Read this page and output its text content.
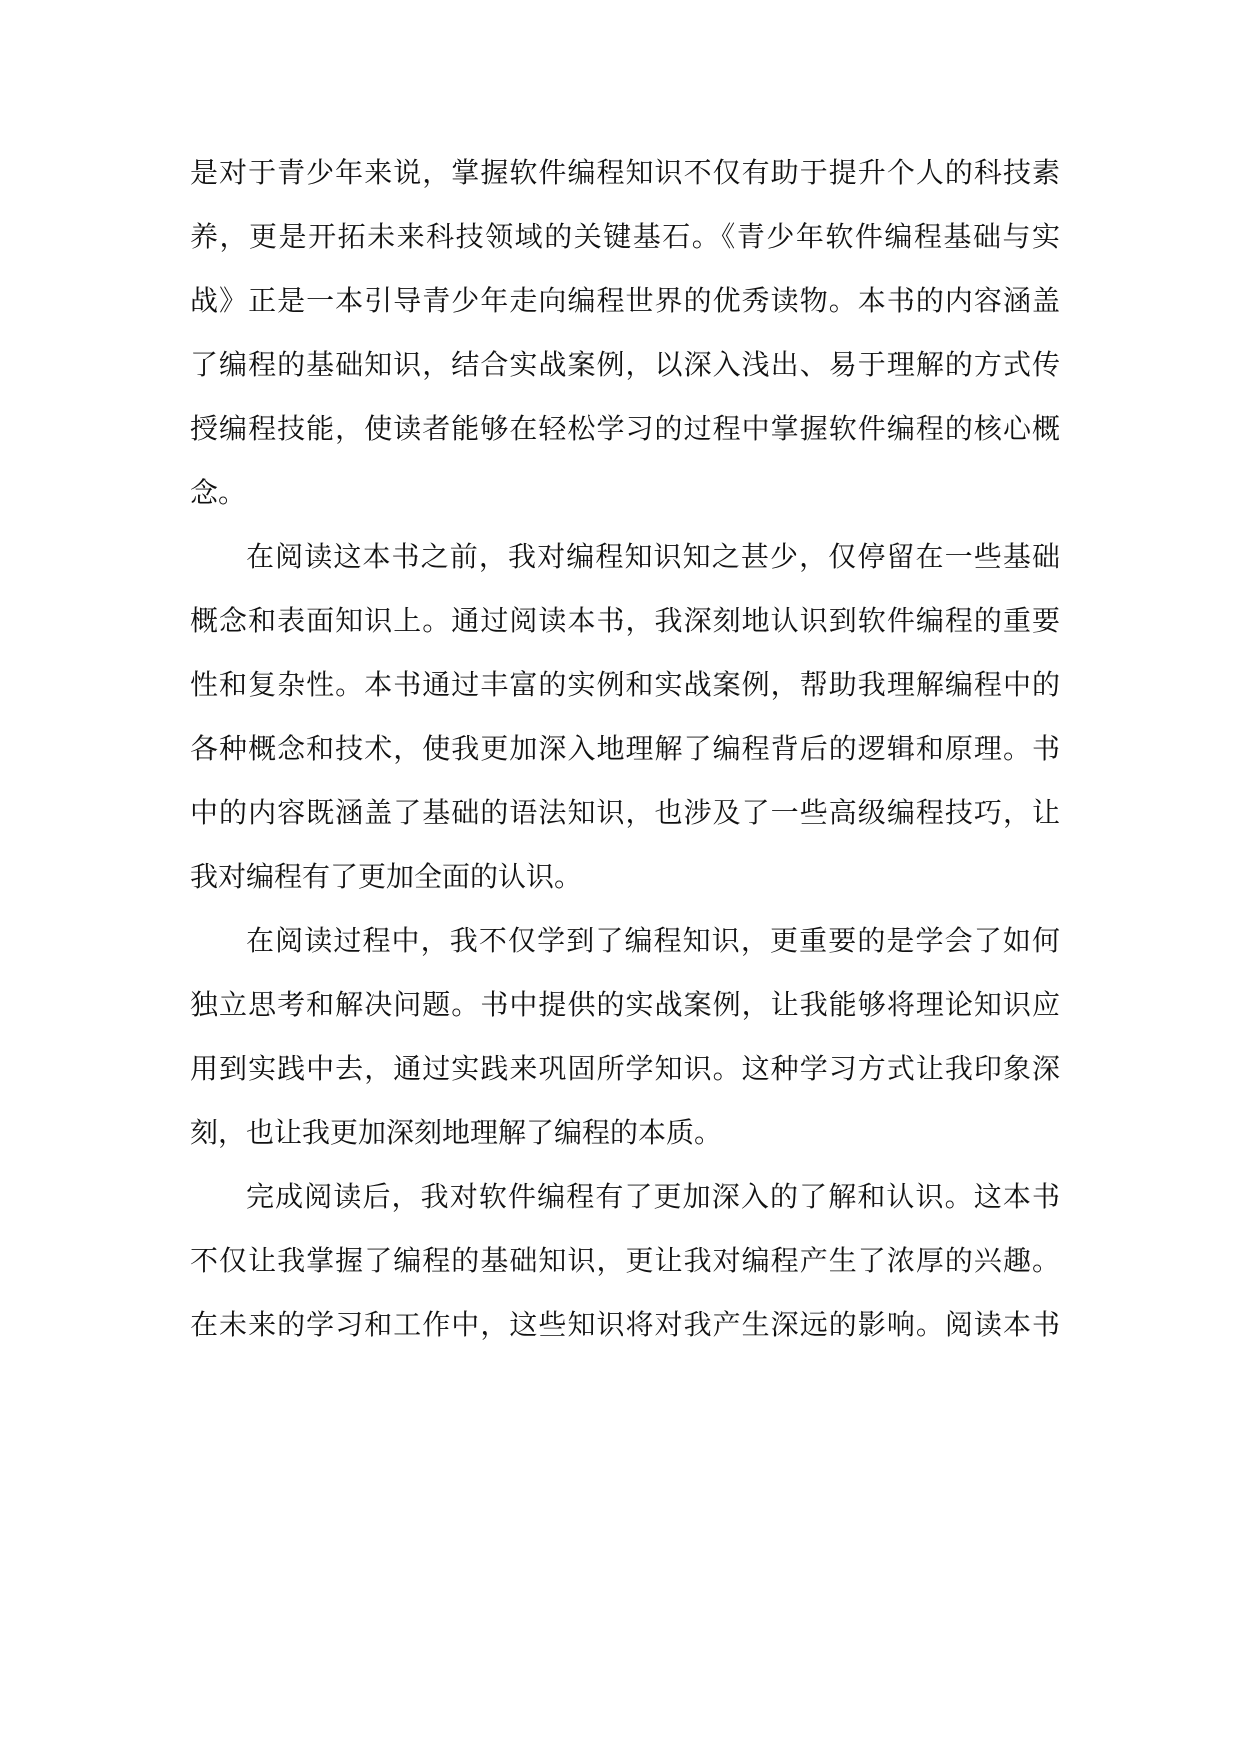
是对于青少年来说，掌握软件编程知识不仅有助于提升个人的科技素
养，更是开拓未来科技领域的关键基石。《青少年软件编程基础与实
战》正是一本引导青少年走向编程世界的优秀读物。本书的内容涵盖
了编程的基础知识，结合实战案例，以深入浅出、易于理解的方式传
授编程技能，使读者能够在轻松学习的过程中掌握软件编程的核心概
念。
在阅读这本书之前，我对编程知识知之甚少，仅停留在一些基础
概念和表面知识上。通过阅读本书，我深刻地认识到软件编程的重要
性和复杂性。本书通过丰富的实例和实战案例，帮助我理解编程中的
各种概念和技术，使我更加深入地理解了编程背后的逻辑和原理。书
中的内容既涵盖了基础的语法知识，也涉及了一些高级编程技巧，让
我对编程有了更加全面的认识。
在阅读过程中，我不仅学到了编程知识，更重要的是学会了如何
独立思考和解决问题。书中提供的实战案例，让我能够将理论知识应
用到实践中去，通过实践来巩固所学知识。这种学习方式让我印象深
刻，也让我更加深刻地理解了编程的本质。
完成阅读后，我对软件编程有了更加深入的了解和认识。这本书
不仅让我掌握了编程的基础知识，更让我对编程产生了浓厚的兴趣。
在未来的学习和工作中，这些知识将对我产生深远的影响。阅读本书
